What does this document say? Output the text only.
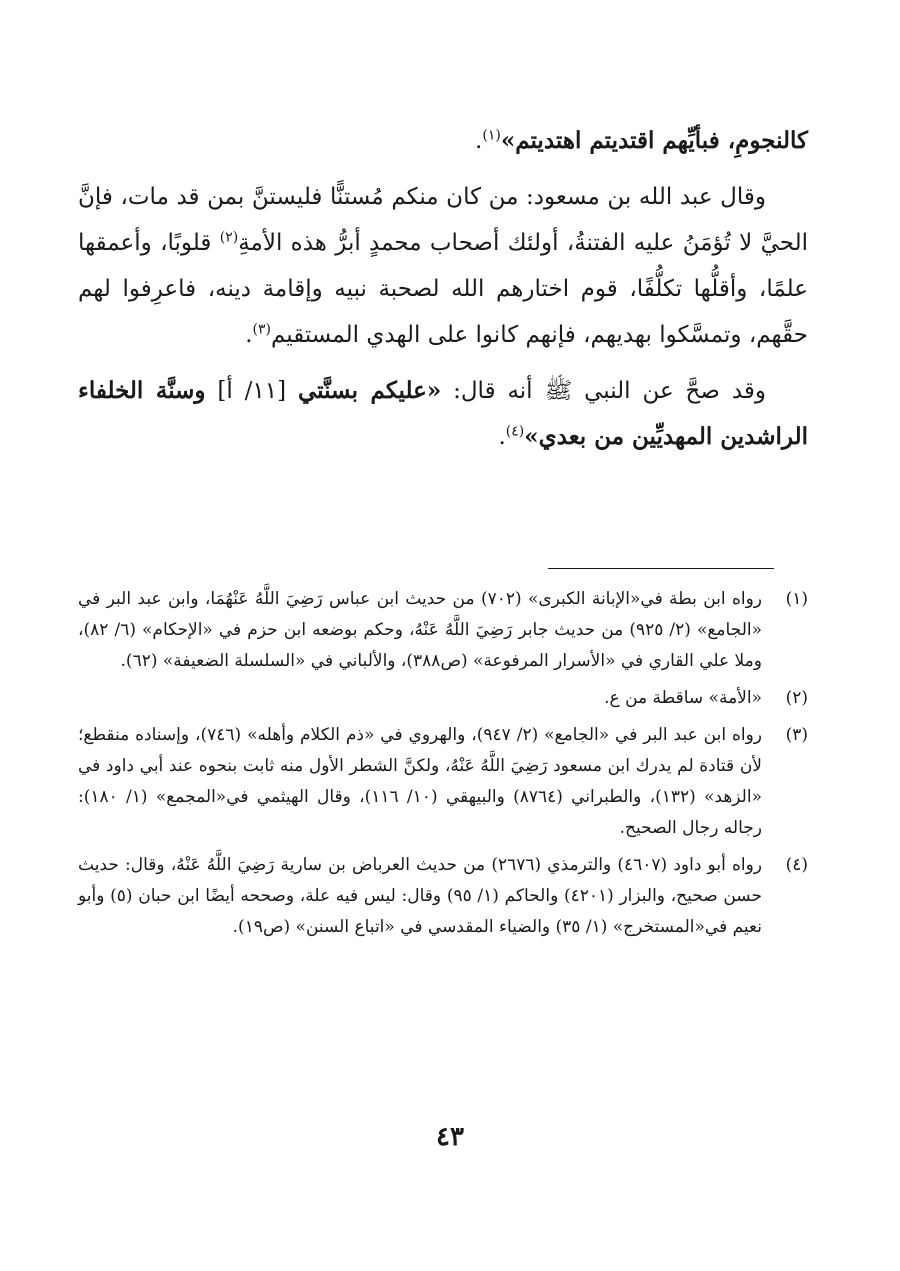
كالنجومِ، فبأيِّهم اقتديتم اهتديتم»$^{(١)}$.

وقال عبد الله بن مسعود: من كان منكم مُستنًّا فليستنَّ بمن قد مات، فإنَّ الحيَّ لا تُؤمَنُ عليه الفتنةُ، أولئك أصحاب محمدٍ أبرُّ هذه الأمةِ$^{(٢)}$ قلوبًا، وأعمقها علمًا، وأقلُّها تكلُّفًا، قوم اختارهم الله لصحبة نبيه وإقامة دينه، فاعرِفوا لهم حقَّهم، وتمسَّكوا بهديهم، فإنهم كانوا على الهدي المستقيم$^{(٣)}$.

وقد صحَّ عن النبي ﷺ أنه قال: «عليكم بسنَّتي [١١/ أ] وسنَّة الخلفاء الراشدين المهديِّين من بعدي»$^{(٤)}$.

(١)
رواه ابن بطة في«الإبانة الكبرى» (٧٠٢) من حديث ابن عباس رَضِيَ اللَّهُ عَنْهُمَا، وابن عبد البر في «الجامع» (٢/ ٩٢٥) من حديث جابر رَضِيَ اللَّهُ عَنْهُ، وحكم بوضعه ابن حزم في «الإحكام» (٦/ ٨٢)، وملا علي القاري في «الأسرار المرفوعة» (ص٣٨٨)، والألباني في «السلسلة الضعيفة» (٦٢).
(٢)
«الأمة» ساقطة من ع.
(٣)
رواه ابن عبد البر في «الجامع» (٢/ ٩٤٧)، والهروي في «ذم الكلام وأهله» (٧٤٦)، وإسناده منقطع؛ لأن قتادة لم يدرك ابن مسعود رَضِيَ اللَّهُ عَنْهُ، ولكنَّ الشطر الأول منه ثابت بنحوه عند أبي داود في «الزهد» (١٣٢)، والطبراني (٨٧٦٤) والبيهقي (١٠/ ١١٦)، وقال الهيثمي في«المجمع» (١/ ١٨٠): رجاله رجال الصحيح.
(٤)
رواه أبو داود (٤٦٠٧) والترمذي (٢٦٧٦) من حديث العرباض بن سارية رَضِيَ اللَّهُ عَنْهُ، وقال: حديث حسن صحيح، والبزار (٤٢٠١) والحاكم (١/ ٩٥) وقال: ليس فيه علة، وصححه أيضًا ابن حبان (٥) وأبو نعيم في«المستخرج» (١/ ٣٥) والضياء المقدسي في «اتباع السنن» (ص١٩).
٤٣
